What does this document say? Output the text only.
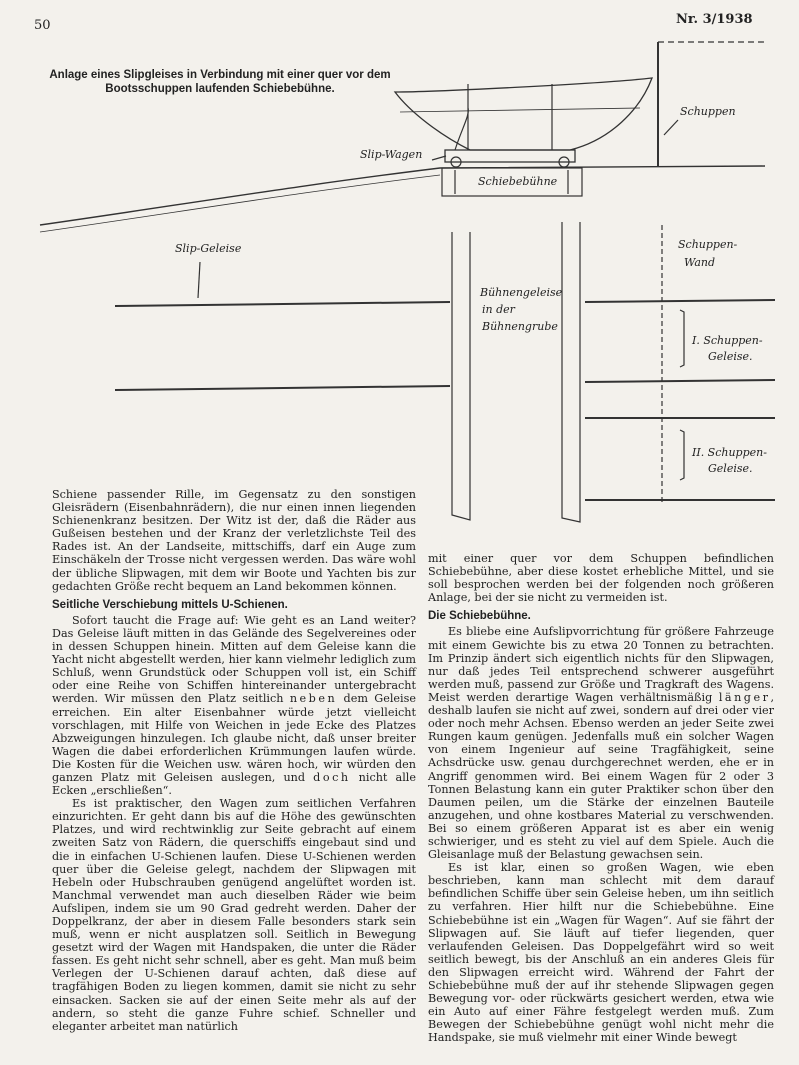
50	Nr. 3/1938
Anlage eines Slipgleises in Verbindung mit einer quer vor dem
Bootsschuppen laufenden Schiebebühne.
Schuppen
Slip-Wagen
Schiebebühne
Slip-Geleise	Schuppen-
Wand
Bühnengeleise
in der
Bühnengrube
I. Schuppen-
Geleise.
II. Schuppen-
Geleise.

Schiene passender Rille, im Gegensatz zu den sonstigen Gleisrädern (Eisenbahnrädern), die nur einen innen liegenden Schienenkranz besitzen. Der Witz ist der, daß die Räder aus Gußeisen bestehen und der Kranz der verletzlichste Teil des Rades ist. An der Landseite, mittschiffs, darf ein Auge zum Einschäkeln der Trosse nicht vergessen werden. Das wäre wohl der übliche Slipwagen, mit dem wir Boote und Yachten bis zur gedachten Größe recht bequem an Land bekommen können.

Seitliche Verschiebung mittels U-Schienen.

Sofort taucht die Frage auf: Wie geht es an Land weiter? Das Geleise läuft mitten in das Gelände des Segelvereines oder in dessen Schuppen hinein. Mitten auf dem Geleise kann die Yacht nicht abgestellt werden, hier kann vielmehr lediglich zum Schluß, wenn Grundstück oder Schuppen voll ist, ein Schiff oder eine Reihe von Schiffen hintereinander untergebracht werden. Wir müssen den Platz seitlich neben dem Geleise erreichen. Ein alter Eisenbahner würde jetzt vielleicht vorschlagen, mit Hilfe von Weichen in jede Ecke des Platzes Abzweigungen hinzulegen. Ich glaube nicht, daß unser breiter Wagen die dabei erforderlichen Krümmungen laufen würde. Die Kosten für die Weichen usw. wären hoch, wir würden den ganzen Platz mit Geleisen auslegen, und doch nicht alle Ecken „erschließen“.

Es ist praktischer, den Wagen zum seitlichen Verfahren einzurichten. Er geht dann bis auf die Höhe des gewünschten Platzes, und wird rechtwinklig zur Seite gebracht auf einem zweiten Satz von Rädern, die querschiffs eingebaut sind und die in einfachen U-Schienen laufen. Diese U-Schienen werden quer über die Geleise gelegt, nachdem der Slipwagen mit Hebeln oder Hubschrauben genügend angelüftet worden ist. Manchmal verwendet man auch dieselben Räder wie beim Aufslipen, indem sie um 90 Grad gedreht werden. Daher der Doppelkranz, der aber in diesem Falle besonders stark sein muß, wenn er nicht ausplatzen soll. Seitlich in Bewegung gesetzt wird der Wagen mit Handspaken, die unter die Räder fassen. Es geht nicht sehr schnell, aber es geht. Man muß beim Verlegen der U-Schienen darauf achten, daß diese auf tragfähigen Boden zu liegen kommen, damit sie nicht zu sehr einsacken. Sacken sie auf der einen Seite mehr als auf der andern, so steht die ganze Fuhre schief. Schneller und eleganter arbeitet man natürlich

mit einer quer vor dem Schuppen befindlichen Schiebebühne, aber diese kostet erhebliche Mittel, und sie soll besprochen werden bei der folgenden noch größeren Anlage, bei der sie nicht zu vermeiden ist.

Die Schiebebühne.

Es bliebe eine Aufslipvorrichtung für größere Fahrzeuge mit einem Gewichte bis zu etwa 20 Tonnen zu betrachten. Im Prinzip ändert sich eigentlich nichts für den Slipwagen, nur daß jedes Teil entsprechend schwerer ausgeführt werden muß, passend zur Größe und Tragkraft des Wagens. Meist werden derartige Wagen verhältnismäßig länger, deshalb laufen sie nicht auf zwei, sondern auf drei oder vier oder noch mehr Achsen. Ebenso werden an jeder Seite zwei Rungen kaum genügen. Jedenfalls muß ein solcher Wagen von einem Ingenieur auf seine Tragfähigkeit, seine Achsdrücke usw. genau durchgerechnet werden, ehe er in Angriff genommen wird. Bei einem Wagen für 2 oder 3 Tonnen Belastung kann ein guter Praktiker schon über den Daumen peilen, um die Stärke der einzelnen Bauteile anzugehen, und ohne kostbares Material zu verschwenden. Bei so einem größeren Apparat ist es aber ein wenig schwieriger, und es steht zu viel auf dem Spiele. Auch die Gleisanlage muß der Belastung gewachsen sein.

Es ist klar, einen so großen Wagen, wie eben beschrieben, kann man schlecht mit dem darauf befindlichen Schiffe über sein Geleise heben, um ihn seitlich zu verfahren. Hier hilft nur die Schiebebühne. Eine Schiebebühne ist ein „Wagen für Wagen“. Auf sie fährt der Slipwagen auf. Sie läuft auf tiefer liegenden, quer verlaufenden Geleisen. Das Doppelgefährt wird so weit seitlich bewegt, bis der Anschluß an ein anderes Gleis für den Slipwagen erreicht wird. Während der Fahrt der Schiebebühne muß der auf ihr stehende Slipwagen gegen Bewegung vor- oder rückwärts gesichert werden, etwa wie ein Auto auf einer Fähre festgelegt werden muß. Zum Bewegen der Schiebebühne genügt wohl nicht mehr die Handspake, sie muß vielmehr mit einer Winde bewegt
